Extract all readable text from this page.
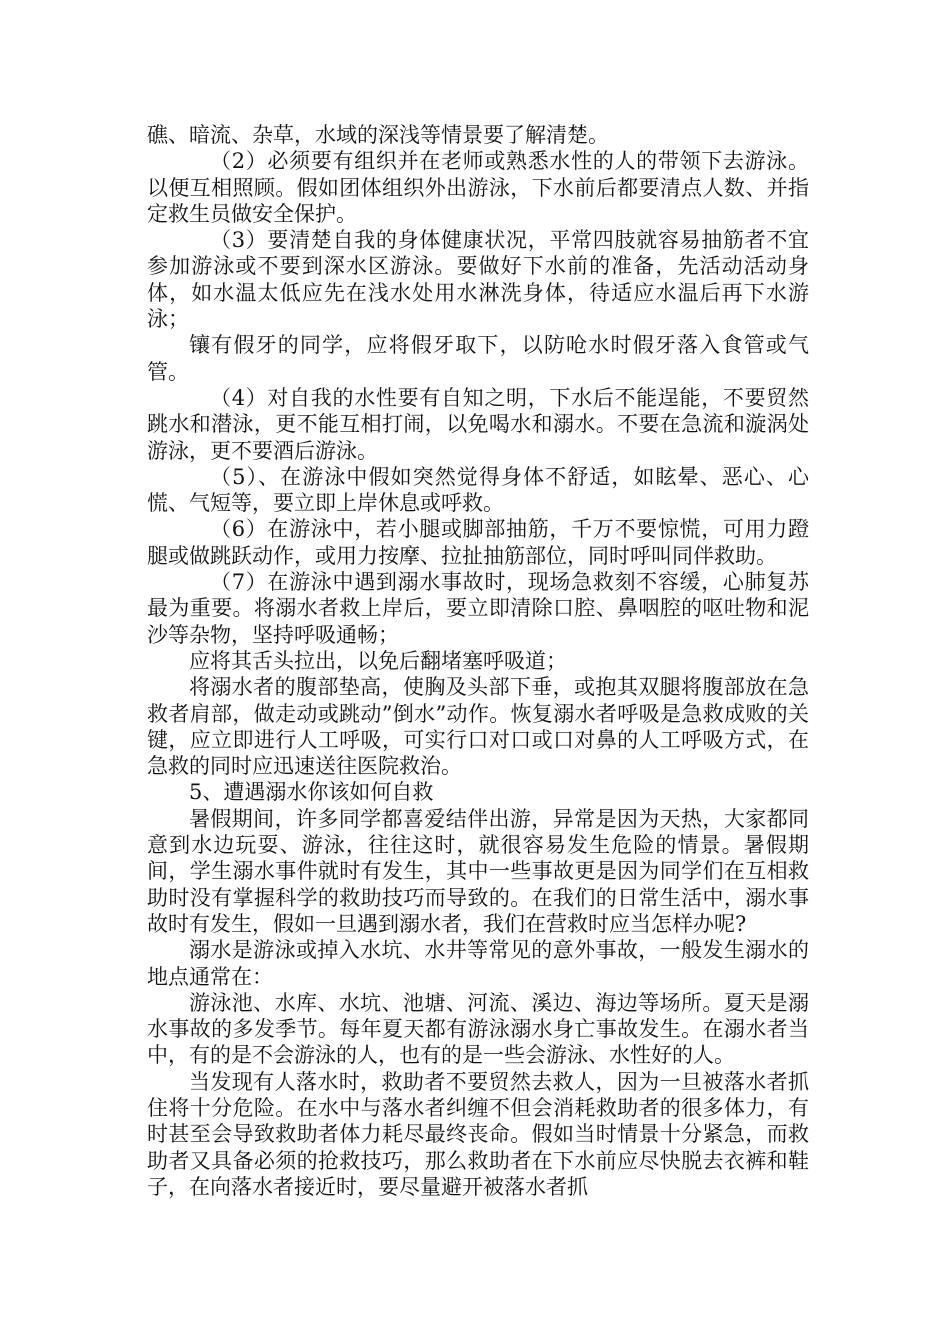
礁、暗流、杂草，水域的深浅等情景要了解清楚。

（2）必须要有组织并在老师或熟悉水性的人的带领下去游泳。以便互相照顾。假如团体组织外出游泳，下水前后都要清点人数、并指定救生员做安全保护。

（3）要清楚自我的身体健康状况，平常四肢就容易抽筋者不宜参加游泳或不要到深水区游泳。要做好下水前的准备，先活动活动身体，如水温太低应先在浅水处用水淋洗身体，待适应水温后再下水游泳；

镶有假牙的同学，应将假牙取下，以防呛水时假牙落入食管或气管。

（4）对自我的水性要有自知之明，下水后不能逞能，不要贸然跳水和潜泳，更不能互相打闹，以免喝水和溺水。不要在急流和漩涡处游泳，更不要酒后游泳。

（5）、在游泳中假如突然觉得身体不舒适，如眩晕、恶心、心慌、气短等，要立即上岸休息或呼救。

（6）在游泳中，若小腿或脚部抽筋，千万不要惊慌，可用力蹬腿或做跳跃动作，或用力按摩、拉扯抽筋部位，同时呼叫同伴救助。

（7）在游泳中遇到溺水事故时，现场急救刻不容缓，心肺复苏最为重要。将溺水者救上岸后，要立即清除口腔、鼻咽腔的呕吐物和泥沙等杂物，坚持呼吸通畅；

应将其舌头拉出，以免后翻堵塞呼吸道；

将溺水者的腹部垫高，使胸及头部下垂，或抱其双腿将腹部放在急救者肩部，做走动或跳动”倒水”动作。恢复溺水者呼吸是急救成败的关键，应立即进行人工呼吸，可实行口对口或口对鼻的人工呼吸方式，在急救的同时应迅速送往医院救治。

5、遭遇溺水你该如何自救

暑假期间，许多同学都喜爱结伴出游，异常是因为天热，大家都同意到水边玩耍、游泳，往往这时，就很容易发生危险的情景。暑假期间，学生溺水事件就时有发生，其中一些事故更是因为同学们在互相救助时没有掌握科学的救助技巧而导致的。在我们的日常生活中，溺水事故时有发生，假如一旦遇到溺水者，我们在营救时应当怎样办呢?

溺水是游泳或掉入水坑、水井等常见的意外事故，一般发生溺水的地点通常在：

游泳池、水库、水坑、池塘、河流、溪边、海边等场所。夏天是溺水事故的多发季节。每年夏天都有游泳溺水身亡事故发生。在溺水者当中，有的是不会游泳的人，也有的是一些会游泳、水性好的人。

当发现有人落水时，救助者不要贸然去救人，因为一旦被落水者抓住将十分危险。在水中与落水者纠缠不但会消耗救助者的很多体力，有时甚至会导致救助者体力耗尽最终丧命。假如当时情景十分紧急，而救助者又具备必须的抢救技巧，那么救助者在下水前应尽快脱去衣裤和鞋子，在向落水者接近时，要尽量避开被落水者抓
